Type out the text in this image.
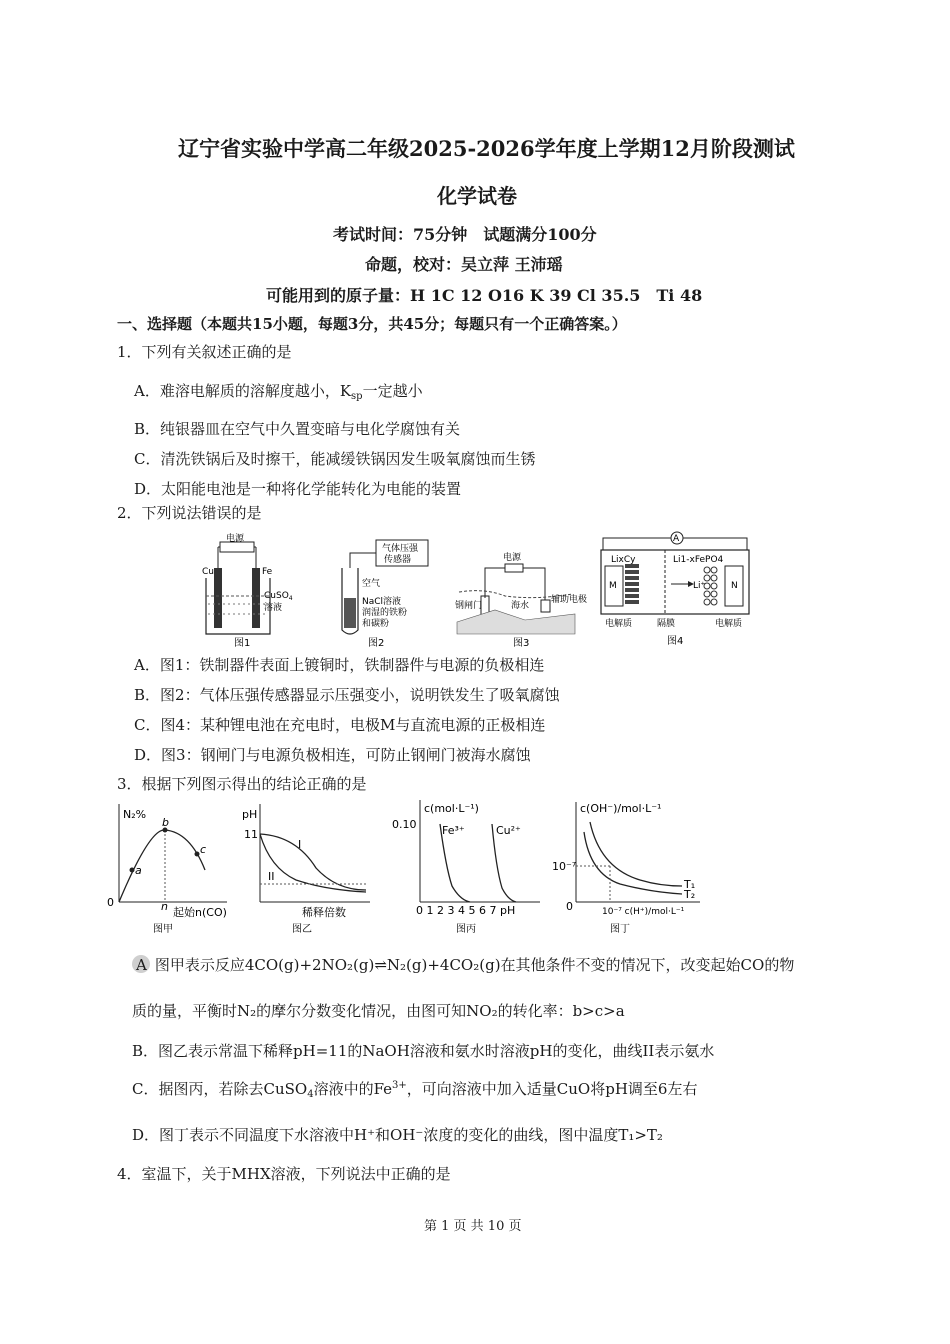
辽宁省实验中学高二年级2025-2026学年度上学期12月阶段测试
化学试卷
考试时间：75分钟　试题满分100分
命题，校对：吴立萍 王沛瑶
可能用到的原子量：H 1C 12 O16 K 39 Cl 35.5　Ti 48
一、选择题（本题共15小题，每题3分，共45分；每题只有一个正确答案。）
1．下列有关叙述正确的是
A．难溶电解质的溶解度越小，$K_{sp}$一定越小
B．纯银器皿在空气中久置变暗与电化学腐蚀有关
C．清洗铁锅后及时擦干，能减缓铁锅因发生吸氧腐蚀而生锈
D．太阳能电池是一种将化学能转化为电能的装置
2．下列说法错误的是
电源
Cu	Fe
CuSO$_4$
溶液
图1
气体压强
传感器
空气
NaCl溶液
润湿的铁粉
和碳粉
图2
电源
钢闸门	海水
辅助电极
图3
A
LixCy	Li1-xFePO4
M	N
Li⁺
电解质	隔膜	电解质
图4
A．图1：铁制器件表面上镀铜时，铁制器件与电源的负极相连
B．图2：气体压强传感器显示压强变小，说明铁发生了吸氧腐蚀
C．图4：某种锂电池在充电时，电极M与直流电源的正极相连
D．图3：钢闸门与电源负极相连，可防止钢闸门被海水腐蚀
3．根据下列图示得出的结论正确的是
N₂%
0
a
b
c
n 起始n(CO)
图甲
pH
11
I
II
稀释倍数
图乙
c(mol·L⁻¹)
0.10 Fe³⁺	Cu²⁺
0 1 2 3 4 5 6 7 pH
图丙
c(OH⁻)/mol·L⁻¹
10⁻⁷
0
T₁
T₂
10⁻⁷ c(H⁺)/mol·L⁻¹
图丁
A 图甲表示反应4CO(g)+2NO₂(g)⇌N₂(g)+4CO₂(g)在其他条件不变的情况下，改变起始CO的物
质的量，平衡时N₂的摩尔分数变化情况，由图可知NO₂的转化率：b>c>a
B．图乙表示常温下稀释pH=11的NaOH溶液和氨水时溶液pH的变化，曲线II表示氨水
C．据图丙，若除去CuSO$_4$溶液中的$Fe^{3+}$，可向溶液中加入适量CuO将pH调至6左右
D．图丁表示不同温度下水溶液中H⁺和OH⁻浓度的变化的曲线，图中温度T₁>T₂
4．室温下，关于MHX溶液，下列说法中正确的是
第 1 页 共 10 页
